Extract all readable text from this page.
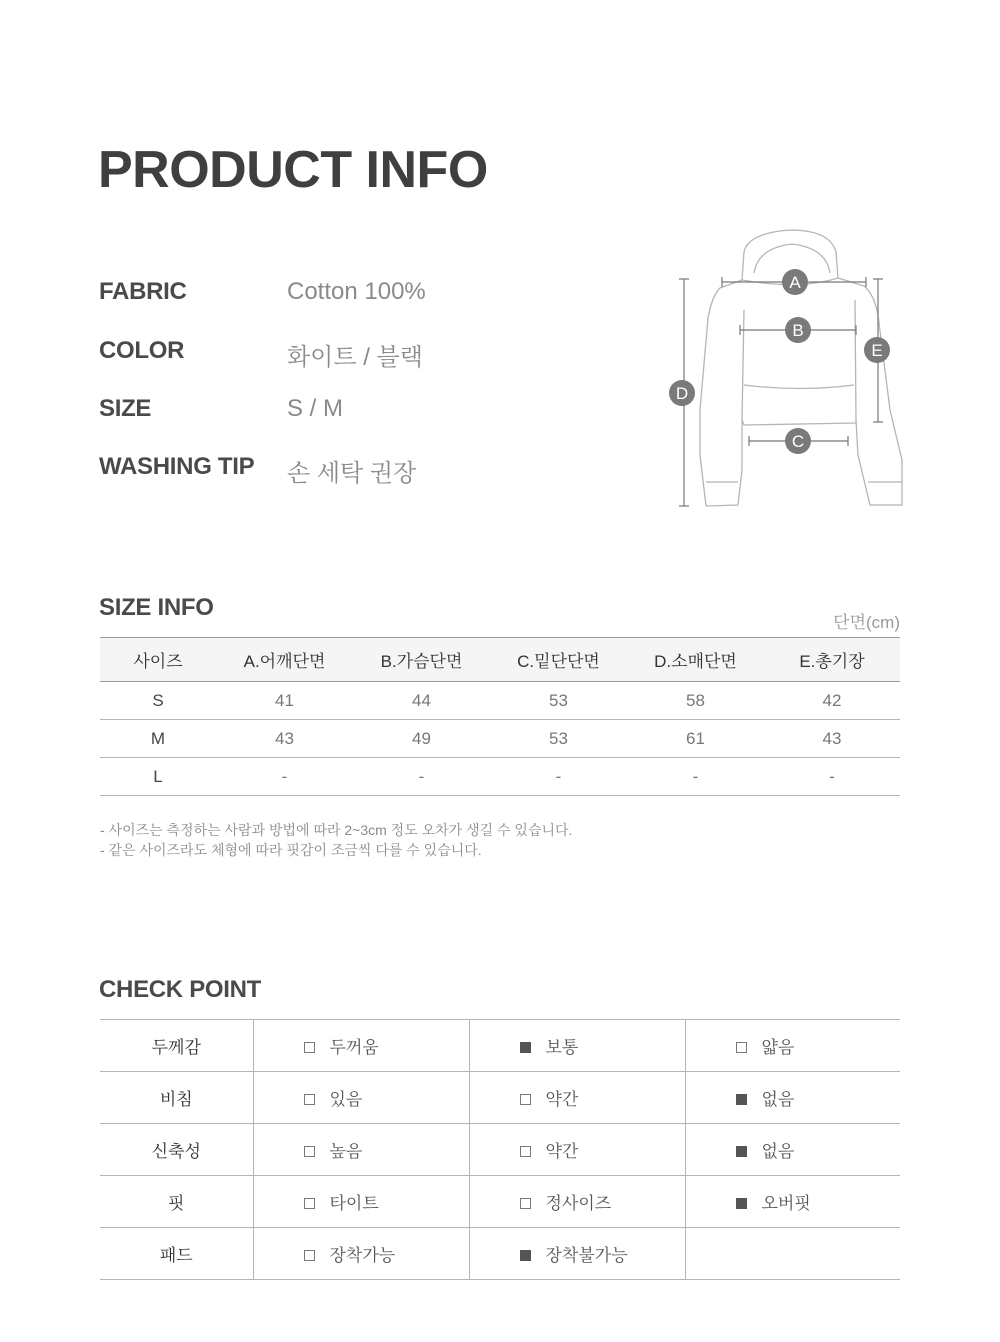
PRODUCT INFO
FABRIC	Cotton 100%
COLOR	화이트 / 블랙
SIZE	S / M
WASHING TIP	손 세탁 권장
A
B
C
D
E
SIZE INFO
단면(cm)
사이즈	A.어깨단면	B.가슴단면	C.밑단단면	D.소매단면	E.총기장
S	41	44	53	58	42
M	43	49	53	61	43
L	-	-	-	-	-
- 사이즈는 측정하는 사람과 방법에 따라 2~3cm 정도 오차가 생길 수 있습니다.
- 같은 사이즈라도 체형에 따라 핏감이 조금씩 다를 수 있습니다.
CHECK POINT
두께감	두꺼움	보통	얇음
비침	있음	약간	없음
신축성	높음	약간	없음
핏	타이트	정사이즈	오버핏
패드	장착가능	장착불가능	
